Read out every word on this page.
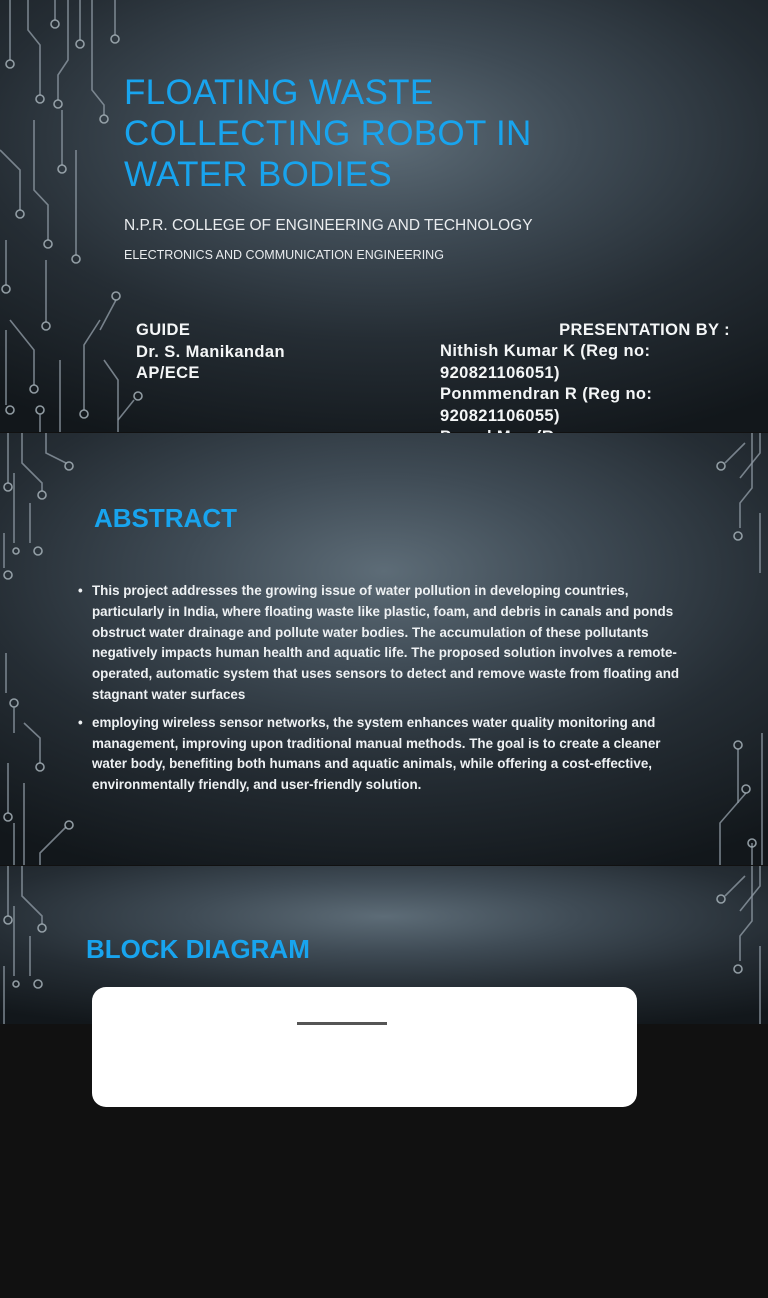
FLOATING WASTE COLLECTING ROBOT IN WATER BODIES
N.P.R. COLLEGE OF ENGINEERING AND TECHNOLOGY
ELECTRONICS AND COMMUNICATION ENGINEERING
GUIDE
Dr. S. Manikandan
AP/ECE
PRESENTATION BY :
Nithish Kumar K (Reg no: 920821106051)
Ponmmendran R (Reg no: 920821106055)
ABSTRACT
• This project addresses the growing issue of water pollution in developing countries, particularly in India, where floating waste like plastic, foam, and debris in canals and ponds obstruct water drainage and pollute water bodies. The accumulation of these pollutants negatively impacts human health and aquatic life. The proposed solution involves a remote-operated, automatic system that uses sensors to detect and remove waste from floating and stagnant water surfaces
• employing wireless sensor networks, the system enhances water quality monitoring and management, improving upon traditional manual methods. The goal is to create a cleaner water body, benefiting both humans and aquatic animals, while offering a cost-effective, environmentally friendly, and user-friendly solution.
BLOCK DIAGRAM
